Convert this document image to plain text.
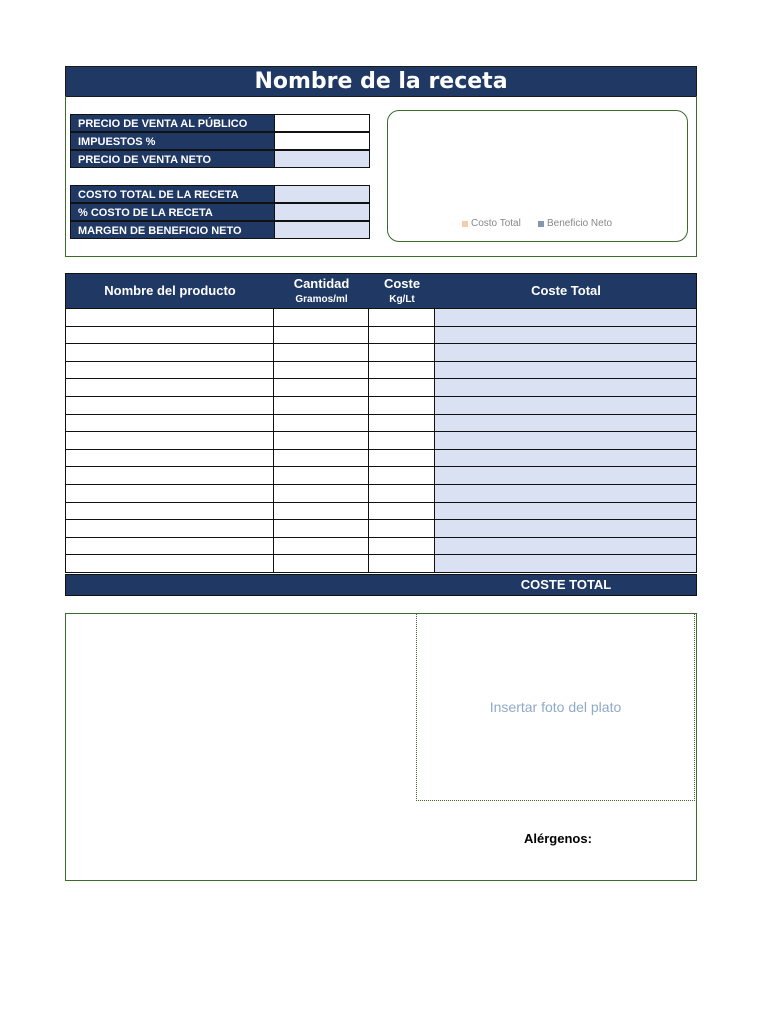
Nombre de la receta
PRECIO DE VENTA AL PÚBLICO
IMPUESTOS %
PRECIO DE VENTA NETO
COSTO TOTAL DE LA RECETA
% COSTO DE LA RECETA
MARGEN DE BENEFICIO NETO
Costo Total	Beneficio Neto
Nombre del producto	Cantidad
Gramos/ml
Coste
Kg/Lt
Coste Total
COSTE TOTAL
Insertar foto del plato
Alérgenos:
